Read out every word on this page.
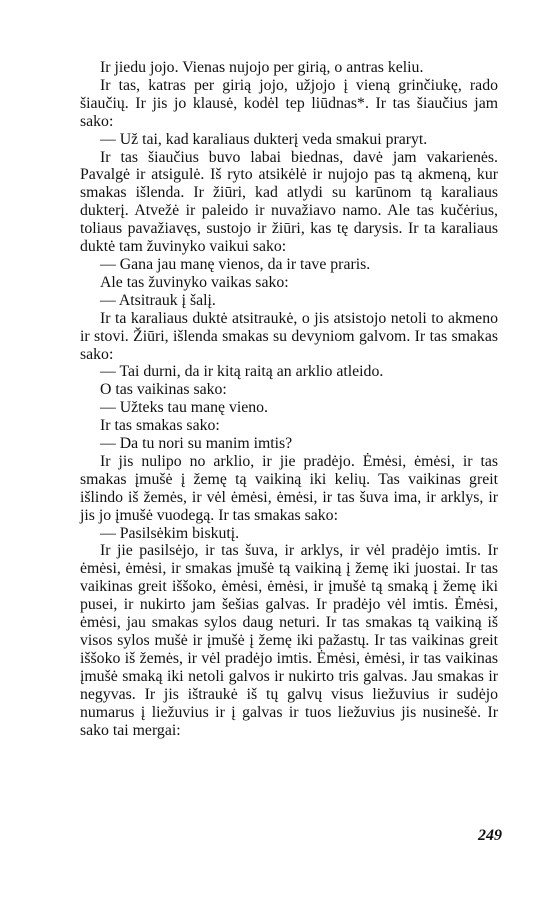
Ir jiedu jojo. Vienas nujojo per girią, o antras keliu.

Ir tas, katras per girią jojo, užjojo į vieną grinčiukę, rado šiaučių. Ir jis jo klausė, kodėl tep liūdnas*. Ir tas šiaučius jam sako:

— Už tai, kad karaliaus dukterį veda smakui praryt.

Ir tas šiaučius buvo labai biednas, davė jam vakarienės. Pavalgė ir atsigulė. Iš ryto atsikėlė ir nujojo pas tą akmeną, kur smakas išlenda. Ir žiūri, kad atlydi su karūnom tą karaliaus dukterį. Atvežė ir paleido ir nuvažiavo namo. Ale tas kučėrius, toliaus pavažiavęs, sustojo ir žiūri, kas tę darysis. Ir ta karaliaus duktė tam žuvinyko vaikui sako:

— Gana jau manę vienos, da ir tave praris.

Ale tas žuvinyko vaikas sako:

— Atsitrauk į šalį.

Ir ta karaliaus duktė atsitraukė, o jis atsistojo netoli to akmeno ir stovi. Žiūri, išlenda smakas su devyniom galvom. Ir tas smakas sako:

— Tai durni, da ir kitą raitą an arklio atleido.

O tas vaikinas sako:

— Užteks tau manę vieno.

Ir tas smakas sako:

— Da tu nori su manim imtis?

Ir jis nulipo no arklio, ir jie pradėjo. Ėmėsi, ėmėsi, ir tas smakas įmušė į žemę tą vaikiną iki kelių. Tas vaikinas greit išlindo iš žemės, ir vėl ėmėsi, ėmėsi, ir tas šuva ima, ir arklys, ir jis jo įmušė vuodegą. Ir tas smakas sako:

— Pasilsėkim biskutį.

Ir jie pasilsėjo, ir tas šuva, ir arklys, ir vėl pradėjo imtis. Ir ėmėsi, ėmėsi, ir smakas įmušė tą vaikiną į žemę iki juostai. Ir tas vaikinas greit iššoko, ėmėsi, ėmėsi, ir įmušė tą smaką į žemę iki pusei, ir nukirto jam šešias galvas. Ir pradėjo vėl imtis. Ėmėsi, ėmėsi, jau smakas sylos daug neturi. Ir tas smakas tą vaikiną iš visos sylos mušė ir įmušė į žemę iki pažastų. Ir tas vaikinas greit iššoko iš žemės, ir vėl pradėjo imtis. Ėmėsi, ėmėsi, ir tas vaikinas įmušė smaką iki netoli galvos ir nukirto tris galvas. Jau smakas ir negyvas. Ir jis ištraukė iš tų galvų visus liežuvius ir sudėjo numarus į liežuvius ir į galvas ir tuos liežuvius jis nusinešė. Ir sako tai mergai:

249
